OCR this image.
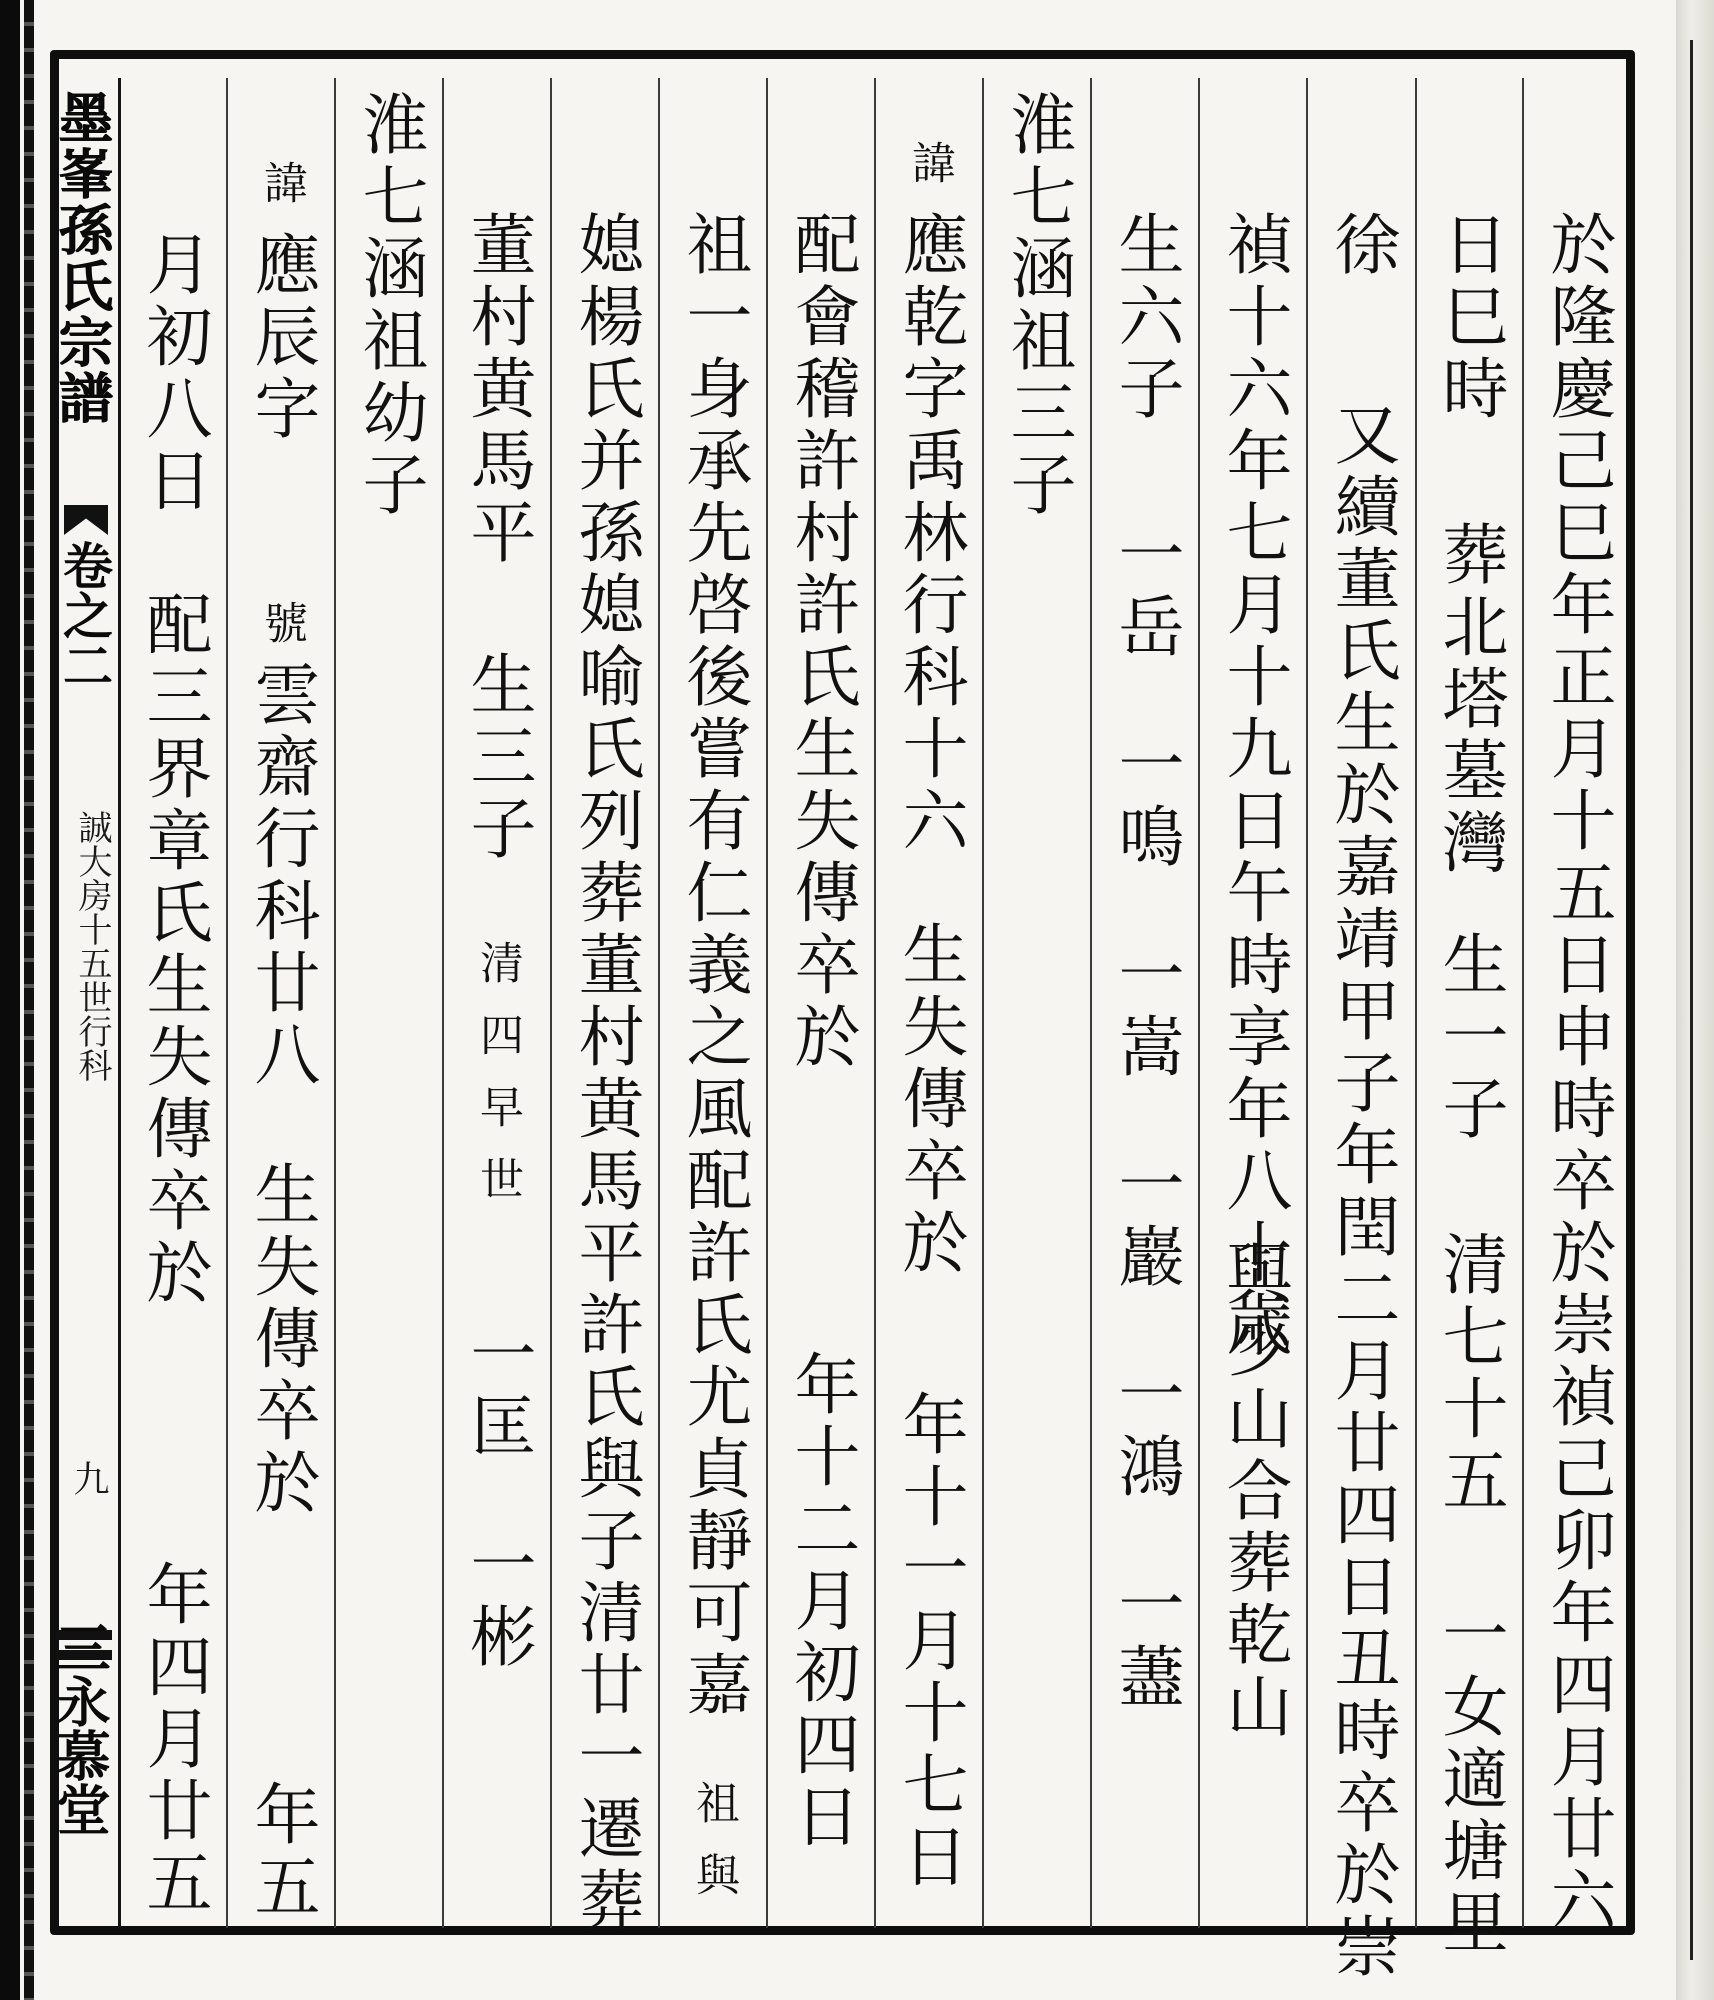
墨峯孫氏宗譜
卷之二
誠大房十五世行科
九
三永慕堂	於隆慶己巳年正月十五日申時卒於崇禎己卯年四月廿六
日巳時
葬北塔墓灣
生一子
清七十五
一女適塘里
徐
又續董氏生於嘉靖甲子年閏二月廿四日丑時卒於崇
禎十六年七月十九日午時享年八十歲
與少山合葬乾山
生六子
一岳
一鳴
一嵩
一巖
一鴻
一藎
淮七涵祖三子
諱
應乾字禹林行科十六
生失傳卒於
年十一月十七日
配會稽許村許氏生失傳卒於
年十二月初四日
祖一身承先啓後嘗有仁義之風配許氏尤貞靜可嘉
祖與
媳楊氏并孫媳喻氏列葬董村黄馬平許氏與子清廿一遷葬
董村黄馬平
生三子
清四早世
一匡
一彬
淮七涵祖幼子
諱
應辰字
號
雲齋行科廿八
生失傳卒於
年五
月初八日
配三界章氏生失傳卒於
年四月廿五
